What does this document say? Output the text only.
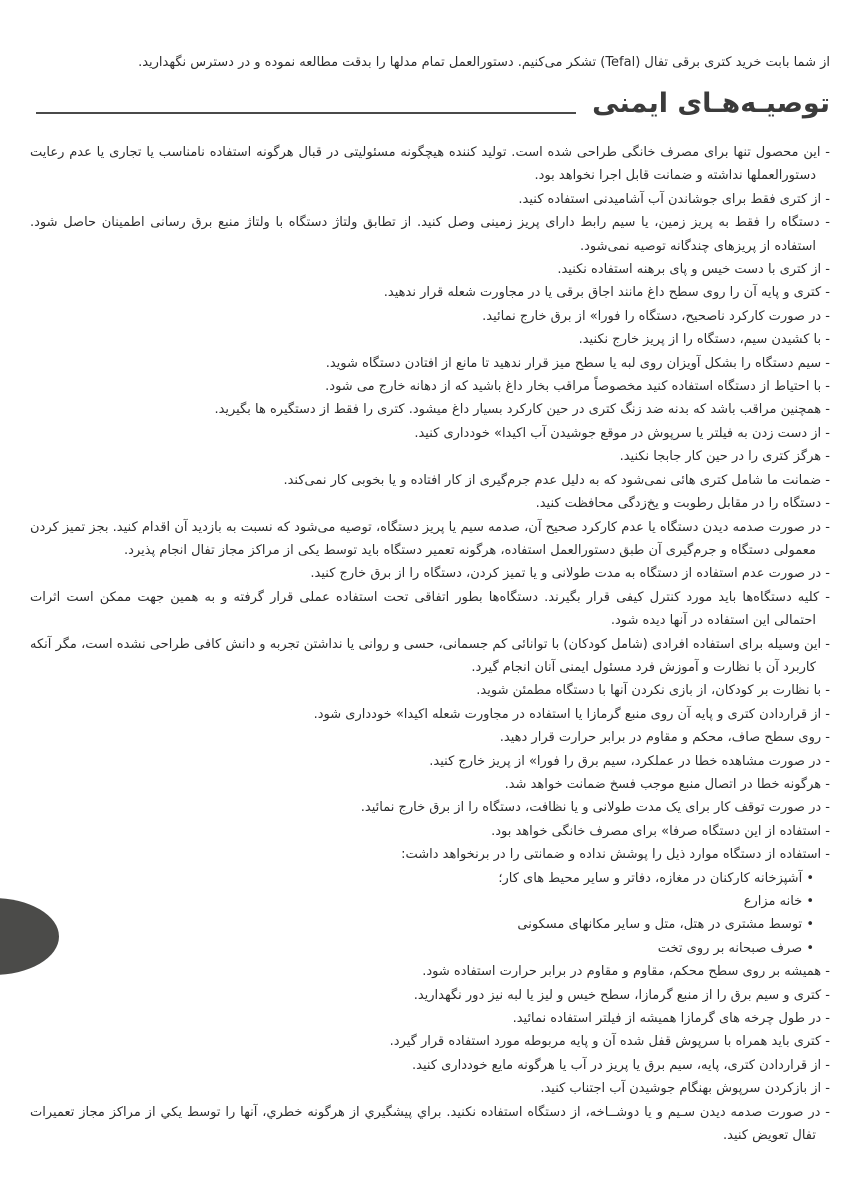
از شما بابت خرید کتری برقی تفال (Tefal) تشکر می‌کنیم. دستورالعمل تمام مدلها را بدقت مطالعه نموده و در دسترس نگهدارید.

توصیـه‌هـای ایمنی
-این محصول تنها برای مصرف خانگی طراحی شده است. تولید کننده هیچگونه مسئولیتی در قبال هرگونه استفاده نامناسب یا تجاری یا عدم رعایت دستورالعملها نداشته و ضمانت قابل اجرا نخواهد بود.
-از کتری فقط برای جوشاندن آب آشامیدنی استفاده کنید.
-دستگاه را فقط به پریز زمین، یا سیم رابط دارای پریز زمینی وصل کنید. از تطابق ولتاژ دستگاه با ولتاژ منبع برق رسانی اطمینان حاصل شود. استفاده از پریزهای چندگانه توصیه نمی‌شود.
-از کتری با دست خیس و پای برهنه استفاده نکنید.
-کتری و پایه آن را روی سطح داغ مانند اجاق برقی یا در مجاورت شعله قرار ندهید.
-در صورت کارکرد ناصحیح، دستگاه را فورا» از برق خارج نمائید.
-با کشیدن سیم، دستگاه را از پریز خارج نکنید.
-سیم دستگاه را بشکل آویزان روی لبه یا سطح میز قرار ندهید تا مانع از افتادن دستگاه شوید.
-با احتیاط از دستگاه استفاده کنید مخصوصاً مراقب بخار داغ باشید که از دهانه خارج می شود.
-همچنین مراقب باشد که بدنه ضد زنگ کتری در حین کارکرد بسیار داغ میشود. کتری را فقط از دستگیره ها بگیرید.
-از دست زدن به فیلتر یا سرپوش در موقع جوشیدن آب اکیدا» خودداری کنید.
-هرگز کتری را در حین کار جابجا نکنید.
-ضمانت ما شامل کتری هائی نمی‌شود که به دلیل عدم جرم‌گیری از کار افتاده و یا بخوبی کار نمی‌کند.
-دستگاه را در مقابل رطوبت و یخ‌زدگی محافظت کنید.
-در صورت صدمه دیدن دستگاه یا عدم کارکرد صحیح آن، صدمه سیم یا پریز دستگاه، توصیه می‌شود که نسبت به بازدید آن اقدام کنید. بجز تمیز کردن معمولی دستگاه و جرم‌گیری آن طبق دستورالعمل استفاده، هرگونه تعمیر دستگاه باید توسط یکی از مراکز مجاز تفال انجام پذیرد.
-در صورت عدم استفاده از دستگاه به مدت طولانی و یا تمیز کردن، دستگاه را از برق خارج کنید.
-کلیه دستگاه‌ها باید مورد کنترل کیفی قرار بگیرند. دستگاه‌ها بطور اتفاقی تحت استفاده عملی قرار گرفته و به همین جهت ممکن است اثرات احتمالی این استفاده در آنها دیده شود.
-این وسیله برای استفاده افرادی (شامل کودکان) با توانائی کم جسمانی، حسی و روانی یا نداشتن تجربه و دانش کافی طراحی نشده است، مگر آنکه کاربرد آن با نظارت و آموزش فرد مسئول ایمنی آنان انجام گیرد.
-با نظارت بر کودکان، از بازی نکردن آنها با دستگاه مطمئن شوید.
-از قراردادن کتری و پایه آن روی منبع گرمازا یا استفاده در مجاورت شعله اکیدا» خودداری شود.
-روی سطح صاف، محکم و مقاوم در برابر حرارت قرار دهید.
-در صورت مشاهده خطا در عملکرد، سیم برق را فورا» از پریز خارج کنید.
-هرگونه خطا در اتصال منبع موجب فسخ ضمانت خواهد شد.
-در صورت توقف کار برای یک مدت طولانی و یا نظافت، دستگاه را از برق خارج نمائید.
-استفاده از این دستگاه صرفا» برای مصرف خانگی خواهد بود.
-استفاده از دستگاه موارد ذیل را پوشش نداده و ضمانتی را در برنخواهد داشت:
•آشپزخانه کارکنان در مغازه، دفاتر و سایر محیط های کار؛
•خانه مزارع
•توسط مشتری در هتل، متل و سایر مکانهای مسکونی
•صرف صبحانه بر روی تخت
-همیشه بر روی سطح محکم، مقاوم و مقاوم در برابر حرارت استفاده شود.
-کتری و سیم برق را از منبع گرمازا، سطح خیس و لیز یا لبه نیز دور نگهدارید.
-در طول چرخه های گرمازا همیشه از فیلتر استفاده نمائید.
-کتری باید همراه با سرپوش قفل شده آن و پایه مربوطه مورد استفاده قرار گیرد.
-از قراردادن کتری، پایه، سیم برق یا پریز در آب یا هرگونه مایع خودداری کنید.
-از بازکردن سرپوش بهنگام جوشیدن آب اجتناب کنید.
-در صورت صدمه دیدن سـیم و یا دوشــاخه، از دستگاه استفاده نکنید. براي پیشگیري از هرگونه خطري، آنها را توسط یکي از مراکز مجاز تعمیرات تفال تعویض کنید.
